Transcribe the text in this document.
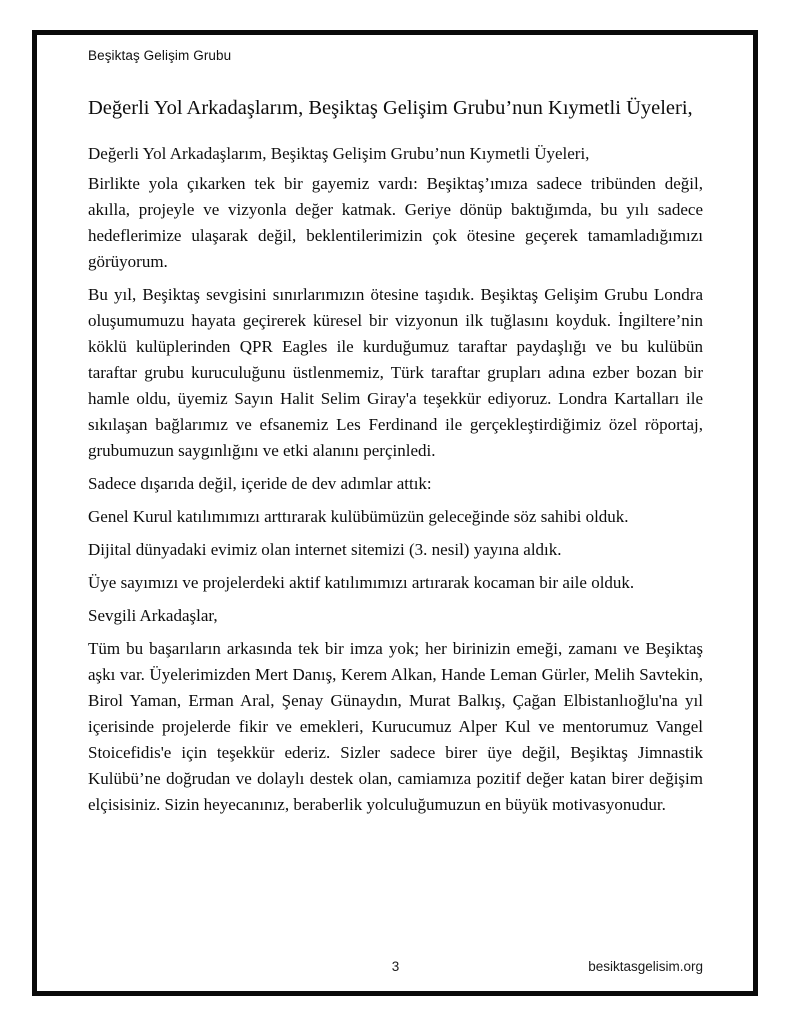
Beşiktaş Gelişim Grubu
Değerli Yol Arkadaşlarım, Beşiktaş Gelişim Grubu’nun Kıymetli Üyeleri,

Değerli Yol Arkadaşlarım, Beşiktaş Gelişim Grubu’nun Kıymetli Üyeleri,

Birlikte yola çıkarken tek bir gayemiz vardı: Beşiktaş’ımıza sadece tribünden değil, akılla, projeyle ve vizyonla değer katmak. Geriye dönüp baktığımda, bu yılı sadece hedeflerimize ulaşarak değil, beklentilerimizin çok ötesine geçerek tamamladığımızı görüyorum.

Bu yıl, Beşiktaş sevgisini sınırlarımızın ötesine taşıdık. Beşiktaş Gelişim Grubu Londra oluşumumuzu hayata geçirerek küresel bir vizyonun ilk tuğlasını koyduk. İngiltere’nin köklü kulüplerinden QPR Eagles ile kurduğumuz taraftar paydaşlığı ve bu kulübün taraftar grubu kuruculuğunu üstlenmemiz, Türk taraftar grupları adına ezber bozan bir hamle oldu, üyemiz Sayın Halit Selim Giray'a teşekkür ediyoruz. Londra Kartalları ile sıkılaşan bağlarımız ve efsanemiz Les Ferdinand ile gerçekleştirdiğimiz özel röportaj, grubumuzun saygınlığını ve etki alanını perçinledi.

Sadece dışarıda değil, içeride de dev adımlar attık:

Genel Kurul katılımımızı arttırarak kulübümüzün geleceğinde söz sahibi olduk.

Dijital dünyadaki evimiz olan internet sitemizi (3. nesil) yayına aldık.

Üye sayımızı ve projelerdeki aktif katılımımızı artırarak kocaman bir aile olduk.

Sevgili Arkadaşlar,

Tüm bu başarıların arkasında tek bir imza yok; her birinizin emeği, zamanı ve Beşiktaş aşkı var. Üyelerimizden Mert Danış, Kerem Alkan, Hande Leman Gürler, Melih Savtekin, Birol Yaman, Erman Aral, Şenay Günaydın, Murat Balkış, Çağan Elbistanlıoğlu'na yıl içerisinde projelerde fikir ve emekleri, Kurucumuz Alper Kul ve mentorumuz Vangel Stoicefidis'e için teşekkür ederiz. Sizler sadece birer üye değil, Beşiktaş Jimnastik Kulübü’ne doğrudan ve dolaylı destek olan, camiamıza pozitif değer katan birer değişim elçisisiniz. Sizin heyecanınız, beraberlik yolculuğumuzun en büyük motivasyonudur.

3	besiktasgelisim.org
